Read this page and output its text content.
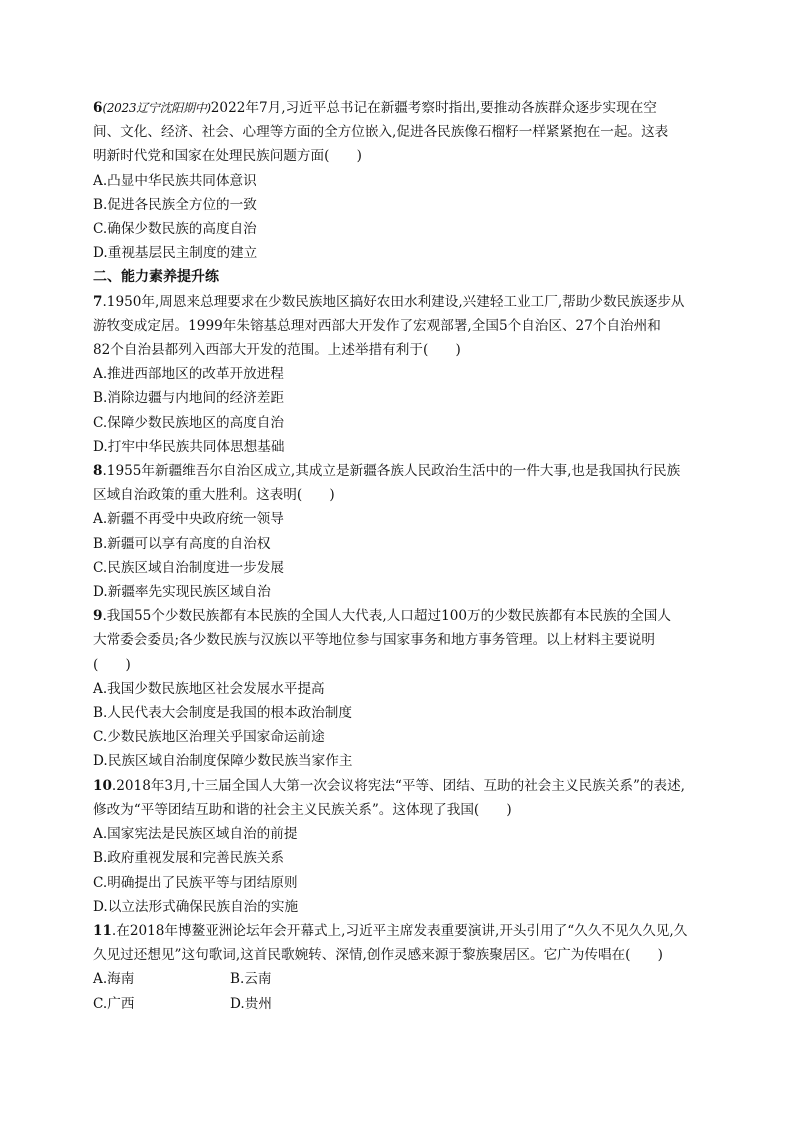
6(2023辽宁沈阳期中)2022年7月,习近平总书记在新疆考察时指出,要推动各族群众逐步实现在空
间、文化、经济、社会、心理等方面的全方位嵌入,促进各民族像石榴籽一样紧紧抱在一起。这表
明新时代党和国家在处理民族问题方面(　　)
A.凸显中华民族共同体意识
B.促进各民族全方位的一致
C.确保少数民族的高度自治
D.重视基层民主制度的建立
二、能力素养提升练
7.1950年,周恩来总理要求在少数民族地区搞好农田水利建设,兴建轻工业工厂,帮助少数民族逐步从
游牧变成定居。1999年朱镕基总理对西部大开发作了宏观部署,全国5个自治区、27个自治州和
82个自治县都列入西部大开发的范围。上述举措有利于(　　)
A.推进西部地区的改革开放进程
B.消除边疆与内地间的经济差距
C.保障少数民族地区的高度自治
D.打牢中华民族共同体思想基础
8.1955年新疆维吾尔自治区成立,其成立是新疆各族人民政治生活中的一件大事,也是我国执行民族
区域自治政策的重大胜利。这表明(　　)
A.新疆不再受中央政府统一领导
B.新疆可以享有高度的自治权
C.民族区域自治制度进一步发展
D.新疆率先实现民族区域自治
9.我国55个少数民族都有本民族的全国人大代表,人口超过100万的少数民族都有本民族的全国人
大常委会委员;各少数民族与汉族以平等地位参与国家事务和地方事务管理。以上材料主要说明
(　　)
A.我国少数民族地区社会发展水平提高
B.人民代表大会制度是我国的根本政治制度
C.少数民族地区治理关乎国家命运前途
D.民族区域自治制度保障少数民族当家作主
10.2018年3月,十三届全国人大第一次会议将宪法“平等、团结、互助的社会主义民族关系”的表述,
修改为“平等团结互助和谐的社会主义民族关系”。这体现了我国(　　)
A.国家宪法是民族区域自治的前提
B.政府重视发展和完善民族关系
C.明确提出了民族平等与团结原则
D.以立法形式确保民族自治的实施
11.在2018年博鳌亚洲论坛年会开幕式上,习近平主席发表重要演讲,开头引用了“久久不见久久见,久
久见过还想见”这句歌词,这首民歌婉转、深情,创作灵感来源于黎族聚居区。它广为传唱在(　　)
A.海南	B.云南
C.广西	D.贵州
